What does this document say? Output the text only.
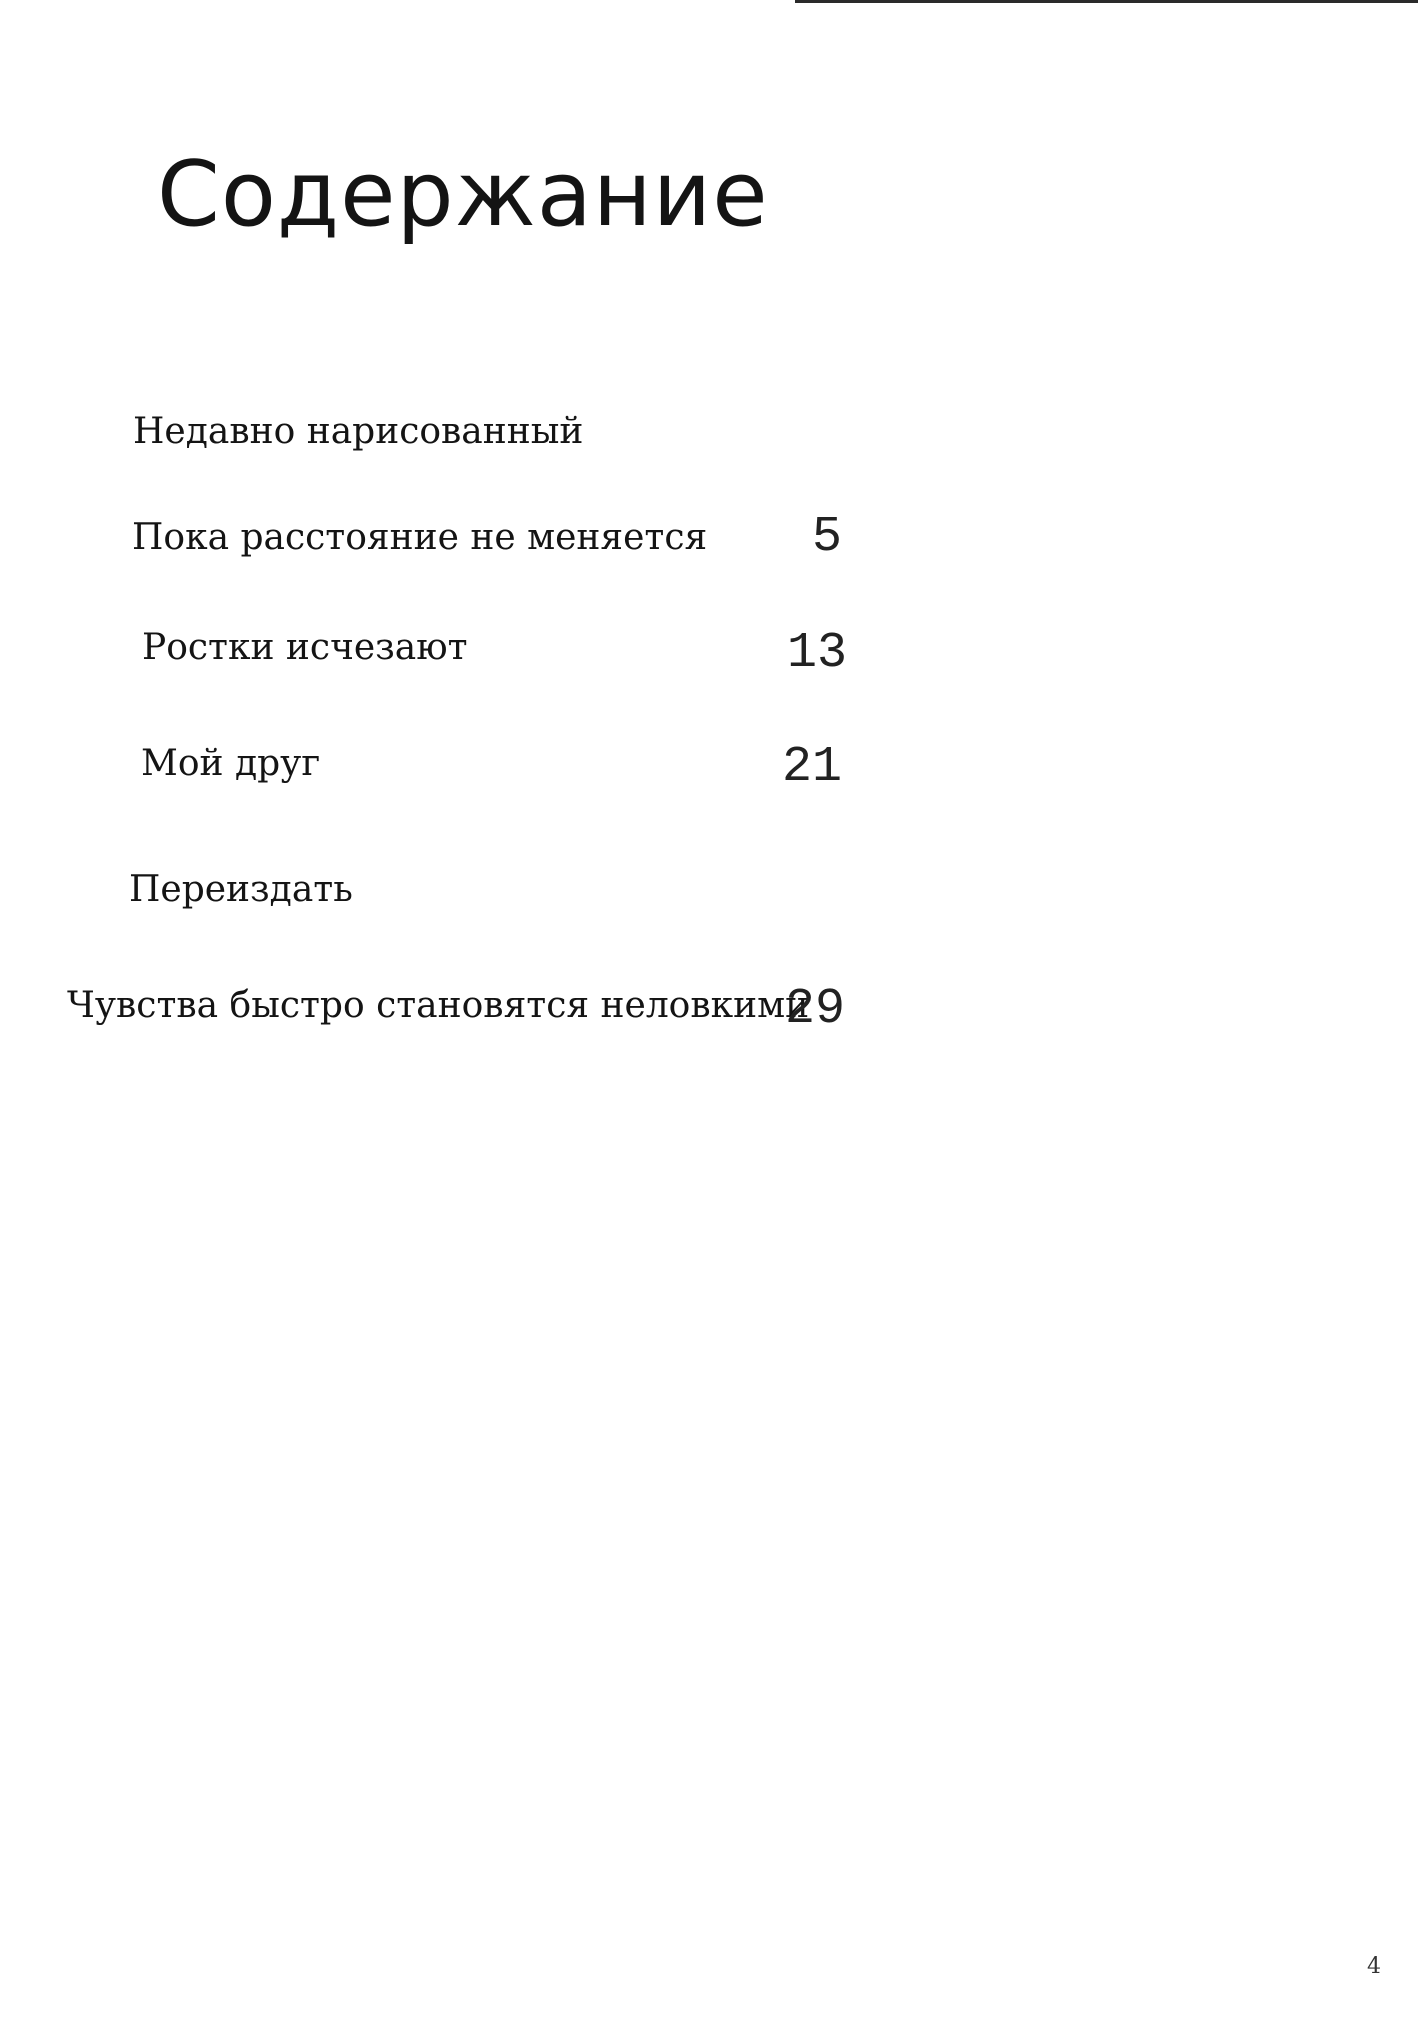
Содержание
Недавно нарисованный
Пока расстояние не меняется 5
Ростки исчезают	13
Мой друг	21
Переиздать
Чувства быстро становятся неловкими
29
4
